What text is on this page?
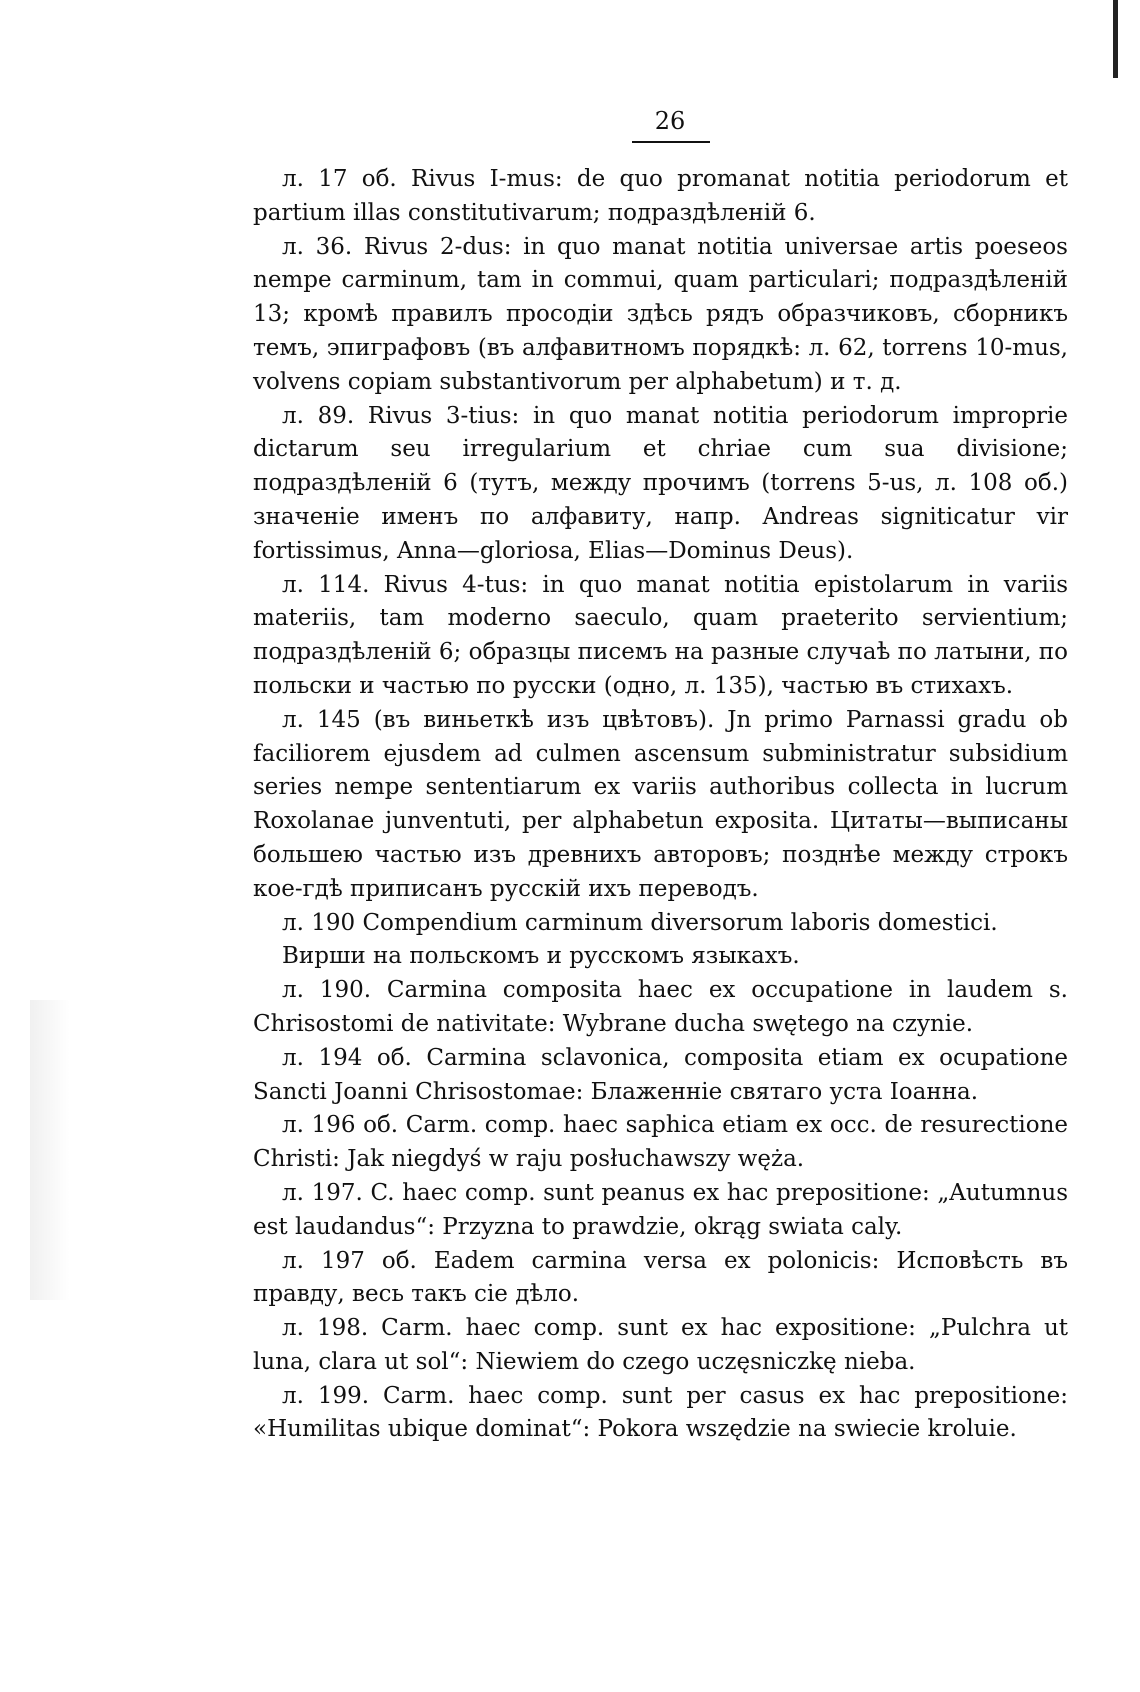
26

л. 17 об. Rivus I-mus: de quo promanat notitia periodorum et partium illas constitutivarum; подраздѣленій 6.

л. 36. Rivus 2-dus: in quo manat notitia universae artis poeseos nempe carminum, tam in commui, quam particulari; подраздѣленій 13; кромѣ правилъ просодіи здѣсь рядъ образчиковъ, сборникъ темъ, эпиграфовъ (въ алфавитномъ порядкѣ: л. 62, torrens 10-mus, volvens copiam substantivorum per alphabetum) и т. д.

л. 89. Rivus 3-tius: in quo manat notitia periodorum improprie dictarum seu irregularium et chriae cum sua divisione; подраздѣленій 6 (тутъ, между прочимъ (torrens 5-us, л. 108 об.) значеніе именъ по алфавиту, напр. Andreas signiticatur vir fortissimus, Anna—gloriosa, Elias—Dominus Deus).

л. 114. Rivus 4-tus: in quo manat notitia epistolarum in variis materiis, tam moderno saeculo, quam praeterito servientium; подраздѣленій 6; образцы писемъ на разные случаѣ по латыни, по польски и частью по русски (одно, л. 135), частью въ стихахъ.

л. 145 (въ виньеткѣ изъ цвѣтовъ). Jn primo Parnassi gradu ob faciliorem ejusdem ad culmen ascensum subministratur subsidium series nempe sententiarum ex variis authoribus collecta in lucrum Roxolanae junventuti, per alphabetun exposita. Цитаты—выписаны большею частью изъ древнихъ авторовъ; позднѣе между строкъ кое-гдѣ приписанъ русскій ихъ переводъ.

л. 190 Compendium carminum diversorum laboris domestici.

Вирши на польскомъ и русскомъ языкахъ.

л. 190. Carmina composita haec ex occupatione in laudem s. Chrisostomi de nativitate: Wybrane ducha swętego na czynie.

л. 194 об. Carmina sclavonica, composita etiam ex ocupatione Sancti Joanni Chrisostomae: Блаженніе святаго уста Іоанна.

л. 196 об. Carm. comp. haec saphica etiam ex occ. de resurectione Christi: Jak niegdyś w raju posłuchawszy węża.

л. 197. C. haec comp. sunt peanus ex hac prepositione: „Autumnus est laudandus“: Przyzna to prawdzie, okrąg swiata caly.

л. 197 об. Eadem carmina versa ex polonicis: Исповѣсть въ правду, весь такъ сіе дѣло.

л. 198. Carm. haec comp. sunt ex hac expositione: „Pulchra ut luna, clara ut sol“: Niewiem do czego uczęsniczkę nieba.

л. 199. Carm. haec comp. sunt per casus ex hac prepositione: «Humilitas ubique dominat“: Pokora wszędzie na swiecie kroluie.
